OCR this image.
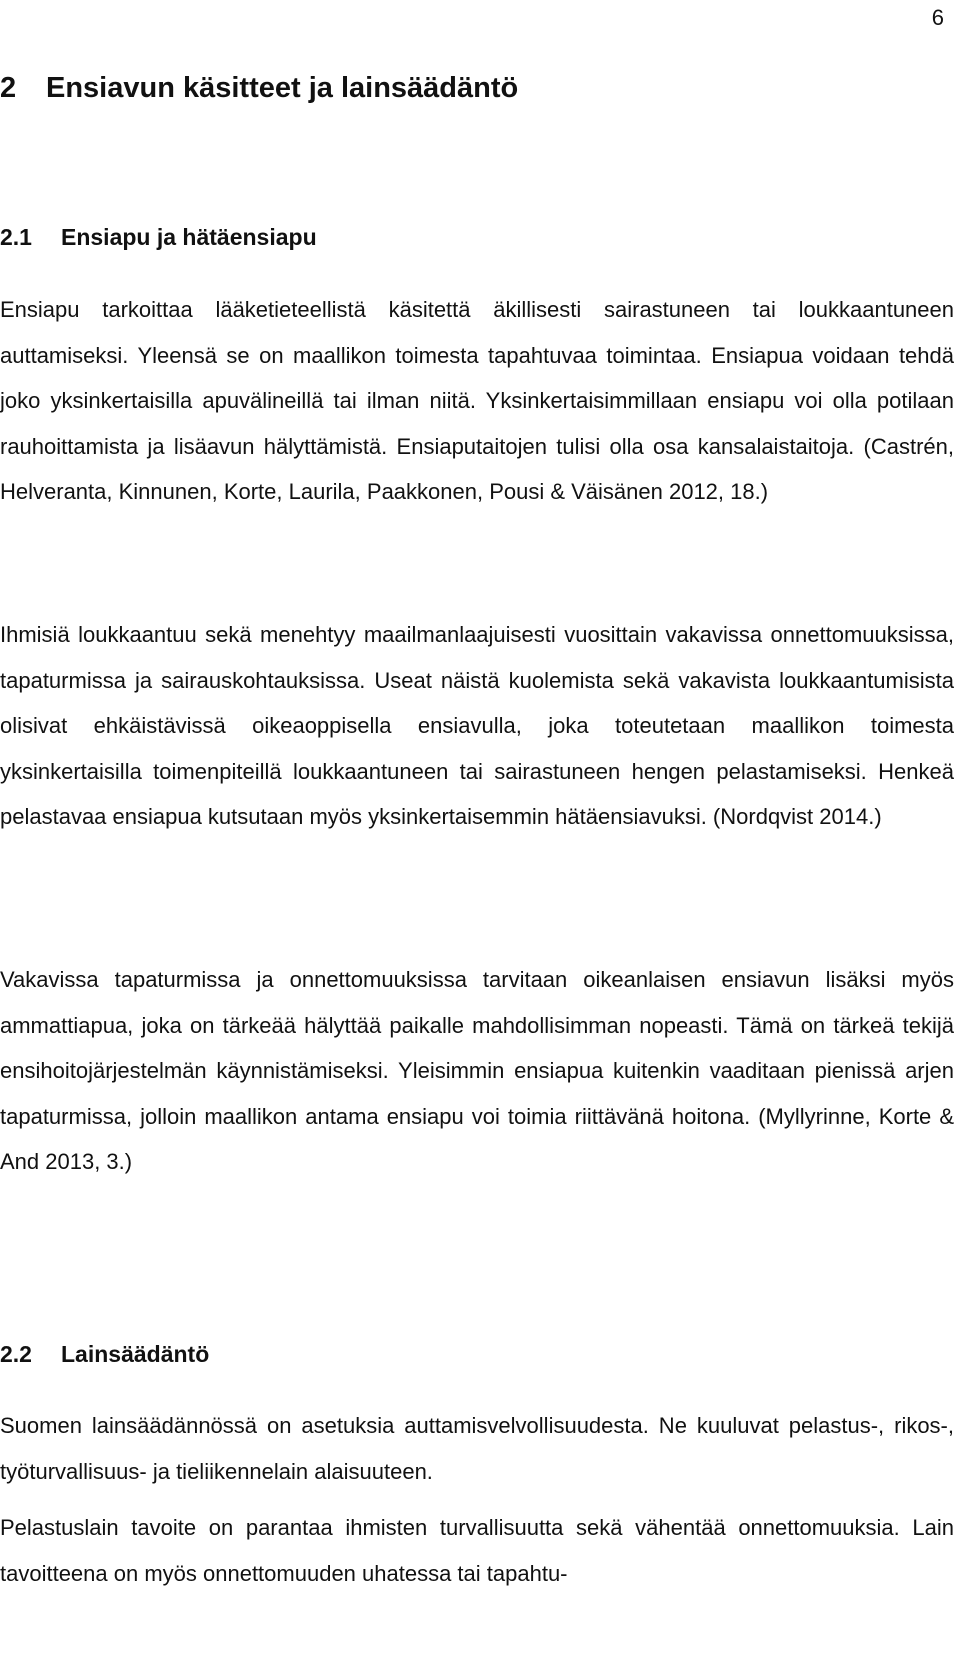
6
2 Ensiavun käsitteet ja lainsäädäntö
2.1 Ensiapu ja hätäensiapu

Ensiapu tarkoittaa lääketieteellistä käsitettä äkillisesti sairastuneen tai loukkaantuneen auttamiseksi. Yleensä se on maallikon toimesta tapahtuvaa toimintaa. Ensiapua voidaan tehdä joko yksinkertaisilla apuvälineillä tai ilman niitä. Yksinkertaisimmillaan ensiapu voi olla potilaan rauhoittamista ja lisäavun hälyttämistä. Ensiaputaitojen tulisi olla osa kansalaistaitoja. (Castrén, Helveranta, Kinnunen, Korte, Laurila, Paakkonen, Pousi & Väisänen 2012, 18.)

Ihmisiä loukkaantuu sekä menehtyy maailmanlaajuisesti vuosittain vakavissa onnettomuuksissa, tapaturmissa ja sairauskohtauksissa. Useat näistä kuolemista sekä vakavista loukkaantumisista olisivat ehkäistävissä oikeaoppisella ensiavulla, joka toteutetaan maallikon toimesta yksinkertaisilla toimenpiteillä loukkaantuneen tai sairastuneen hengen pelastamiseksi. Henkeä pelastavaa ensiapua kutsutaan myös yksinkertaisemmin hätäensiavuksi. (Nordqvist 2014.)

Vakavissa tapaturmissa ja onnettomuuksissa tarvitaan oikeanlaisen ensiavun lisäksi myös ammattiapua, joka on tärkeää hälyttää paikalle mahdollisimman nopeasti. Tämä on tärkeä tekijä ensihoitojärjestelmän käynnistämiseksi. Yleisimmin ensiapua kuitenkin vaaditaan pienissä arjen tapaturmissa, jolloin maallikon antama ensiapu voi toimia riittävänä hoitona. (Myllyrinne, Korte & And 2013, 3.)

2.2 Lainsäädäntö

Suomen lainsäädännössä on asetuksia auttamisvelvollisuudesta. Ne kuuluvat pelastus-, rikos-, työturvallisuus- ja tieliikennelain alaisuuteen.

Pelastuslain tavoite on parantaa ihmisten turvallisuutta sekä vähentää onnettomuuksia. Lain tavoitteena on myös onnettomuuden uhatessa tai tapahtu-
